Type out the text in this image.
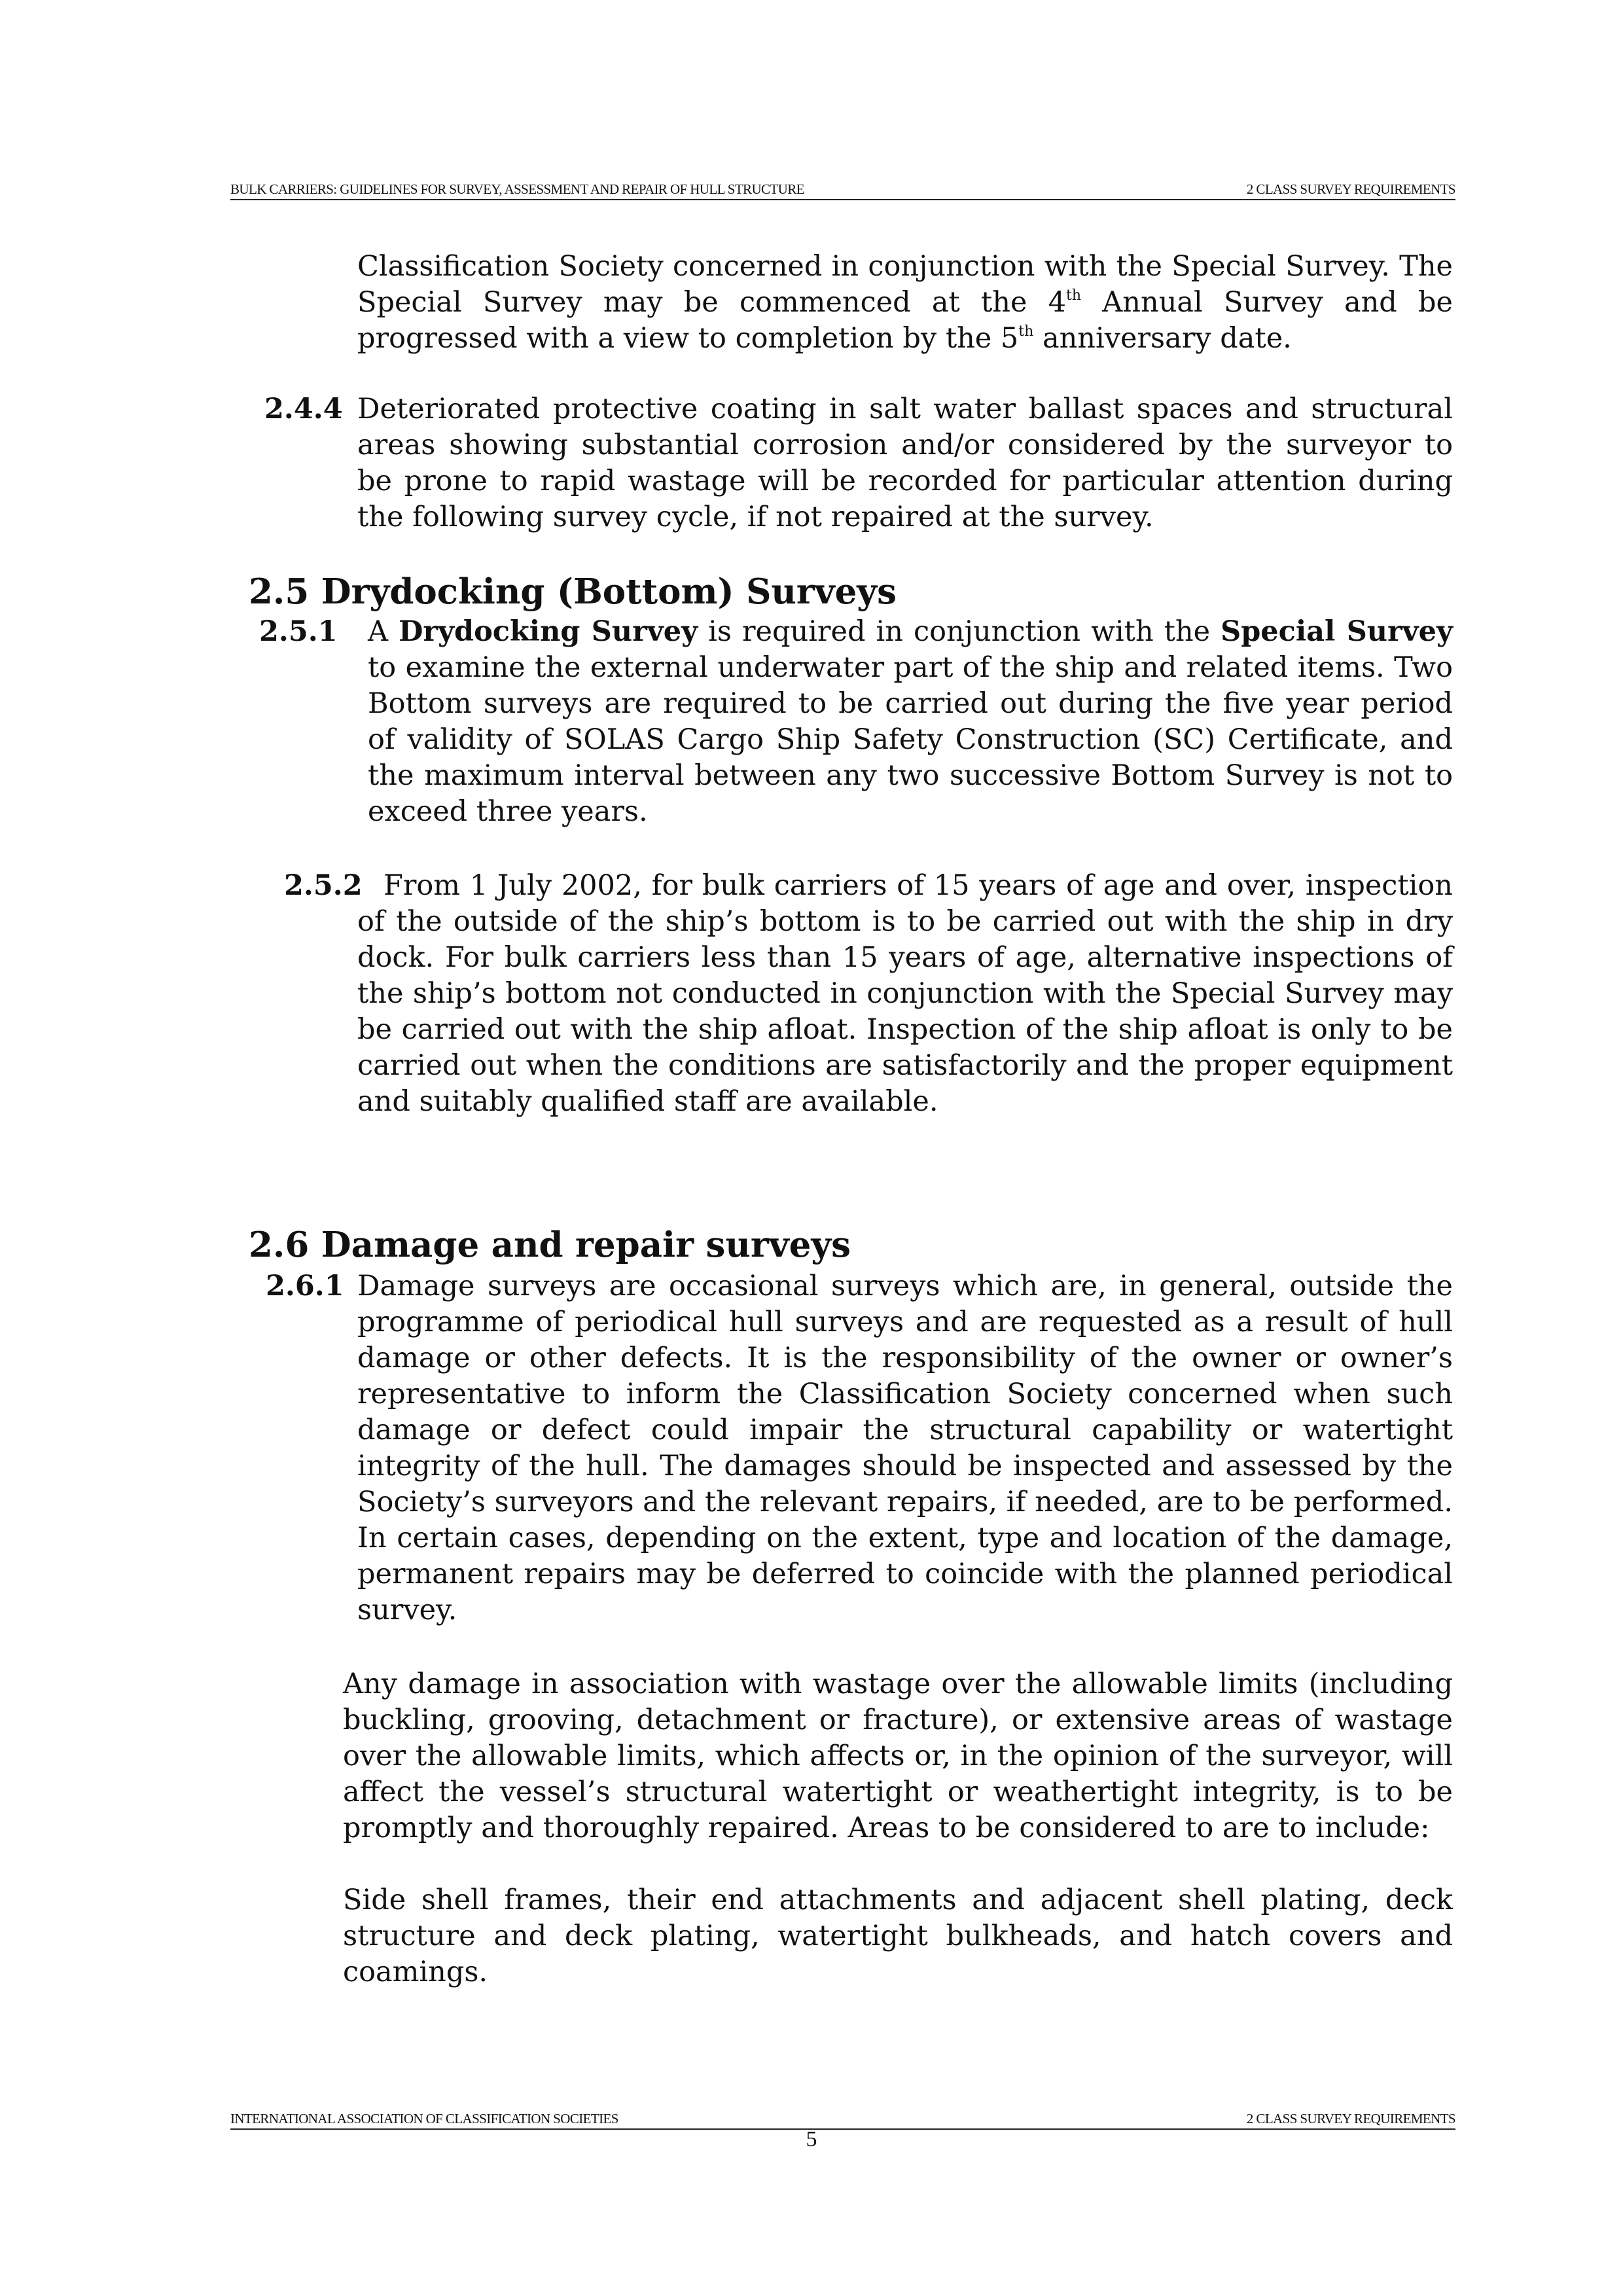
BULK CARRIERS: GUIDELINES FOR SURVEY, ASSESSMENT AND REPAIR OF HULL STRUCTURE	2 CLASS SURVEY REQUIREMENTS

Classification Society concerned in conjunction with the Special Survey. The Special Survey may be commenced at the 4th Annual Survey and be progressed with a view to completion by the 5th anniversary date.

2.4.4 Deteriorated protective coating in salt water ballast spaces and structural areas showing substantial corrosion and/or considered by the surveyor to be prone to rapid wastage will be recorded for particular attention during the following survey cycle, if not repaired at the survey.

2.5 Drydocking (Bottom) Surveys
2.5.1 A Drydocking Survey is required in conjunction with the Special Survey to examine the external underwater part of the ship and related items. Two Bottom surveys are required to be carried out during the five year period of validity of SOLAS Cargo Ship Safety Construction (SC) Certificate, and the maximum interval between any two successive Bottom Survey is not to exceed three years.

2.5.2 From 1 July 2002, for bulk carriers of 15 years of age and over, inspection of the outside of the ship’s bottom is to be carried out with the ship in dry dock. For bulk carriers less than 15 years of age, alternative inspections of the ship’s bottom not conducted in conjunction with the Special Survey may be carried out with the ship afloat. Inspection of the ship afloat is only to be carried out when the conditions are satisfactorily and the proper equipment and suitably qualified staff are available.

2.6 Damage and repair surveys
2.6.1 Damage surveys are occasional surveys which are, in general, outside the programme of periodical hull surveys and are requested as a result of hull damage or other defects. It is the responsibility of the owner or owner’s representative to inform the Classification Society concerned when such damage or defect could impair the structural capability or watertight integrity of the hull. The damages should be inspected and assessed by the Society’s surveyors and the relevant repairs, if needed, are to be performed. In certain cases, depending on the extent, type and location of the damage, permanent repairs may be deferred to coincide with the planned periodical survey.

Any damage in association with wastage over the allowable limits (including buckling, grooving, detachment or fracture), or extensive areas of wastage over the allowable limits, which affects or, in the opinion of the surveyor, will affect the vessel’s structural watertight or weathertight integrity, is to be promptly and thoroughly repaired. Areas to be considered to are to include:

Side shell frames, their end attachments and adjacent shell plating, deck structure and deck plating, watertight bulkheads, and hatch covers and coamings.

INTERNATIONAL ASSOCIATION OF CLASSIFICATION SOCIETIES	2 CLASS SURVEY REQUIREMENTS
5
